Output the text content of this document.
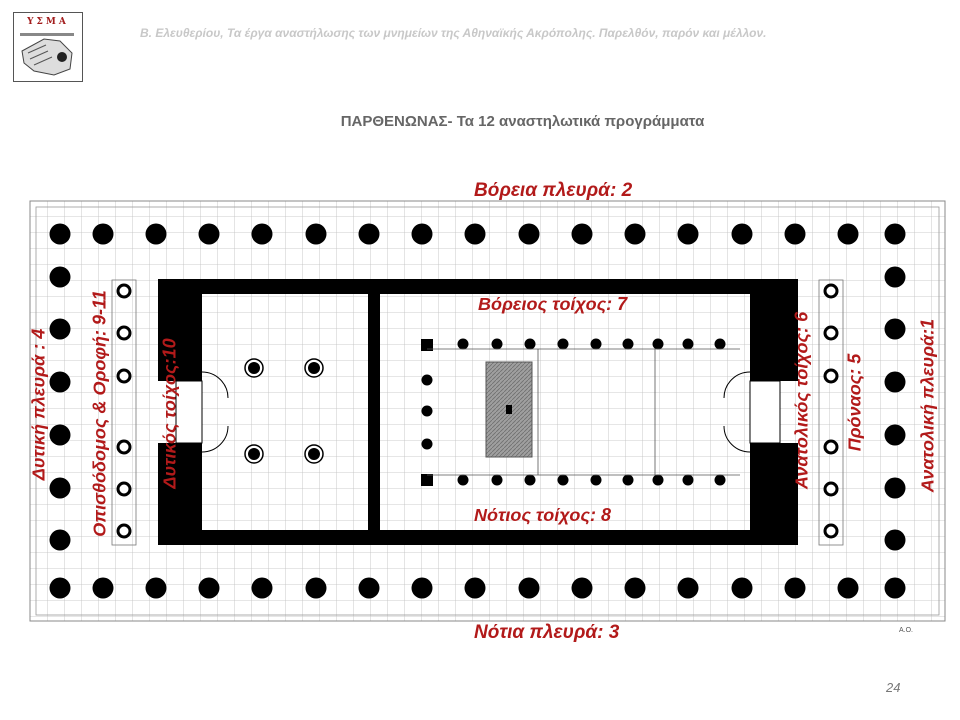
ΥΣΜΑ
Β. Ελευθερίου, Τα έργα αναστήλωσης των μνημείων της Αθηναϊκής Ακρόπολης. Παρελθόν, παρόν και μέλλον.
ΠΑΡΘΕΝΩΝΑΣ- Τα 12 αναστηλωτικά προγράμματα
Βόρεια πλευρά: 2
Νότια πλευρά: 3
Βόρειος τοίχος: 7
Νότιος τοίχος: 8
Δυτική πλευρά : 4 Οπισθόδομος & Οροφή: 9-11	Δυτικός τοίχος:10	Ανατολικός τοίχος: 6 Πρόναος: 5	Ανατολική πλευρά:1
Α.Ο.
24
